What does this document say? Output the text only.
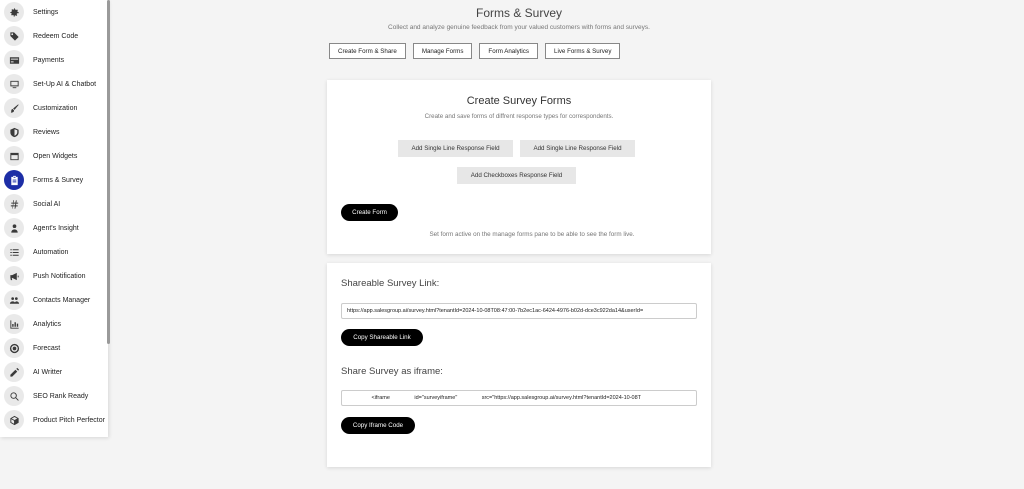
Settings
Redeem Code
Payments
Set-Up AI & Chatbot
Customization
Reviews
Open Widgets
Forms & Survey
Social AI
Agent's Insight
Automation
Push Notification
Contacts Manager
Analytics
Forecast
AI Writter
SEO Rank Ready
Product Pitch Perfector
Forms & Survey
Collect and analyze genuine feedback from your valued customers with forms and surveys.
Create Form & Share	Manage Forms	Form Analytics	Live Forms & Survey
Create Survey Forms
Create and save forms of diffrent response types for correspondents.
Add Single Line Response Field	Add Single Line Response Field
Add Checkboxes Response Field
Create Form
Set form active on the manage forms pane to be able to see the form live.
Shareable Survey Link:
https://app.salesgroup.ai/survey.html?tenantId=2024-10-08T08:47:00-7b2ec1ac-6424-4976-b02d-dce3c922da14&userId=
Copy Shareable Link
Share Survey as iframe:
<iframe                id="surveyiframe"                src="https://app.salesgroup.ai/survey.html?tenantId=2024-10-08T
Copy Iframe Code
